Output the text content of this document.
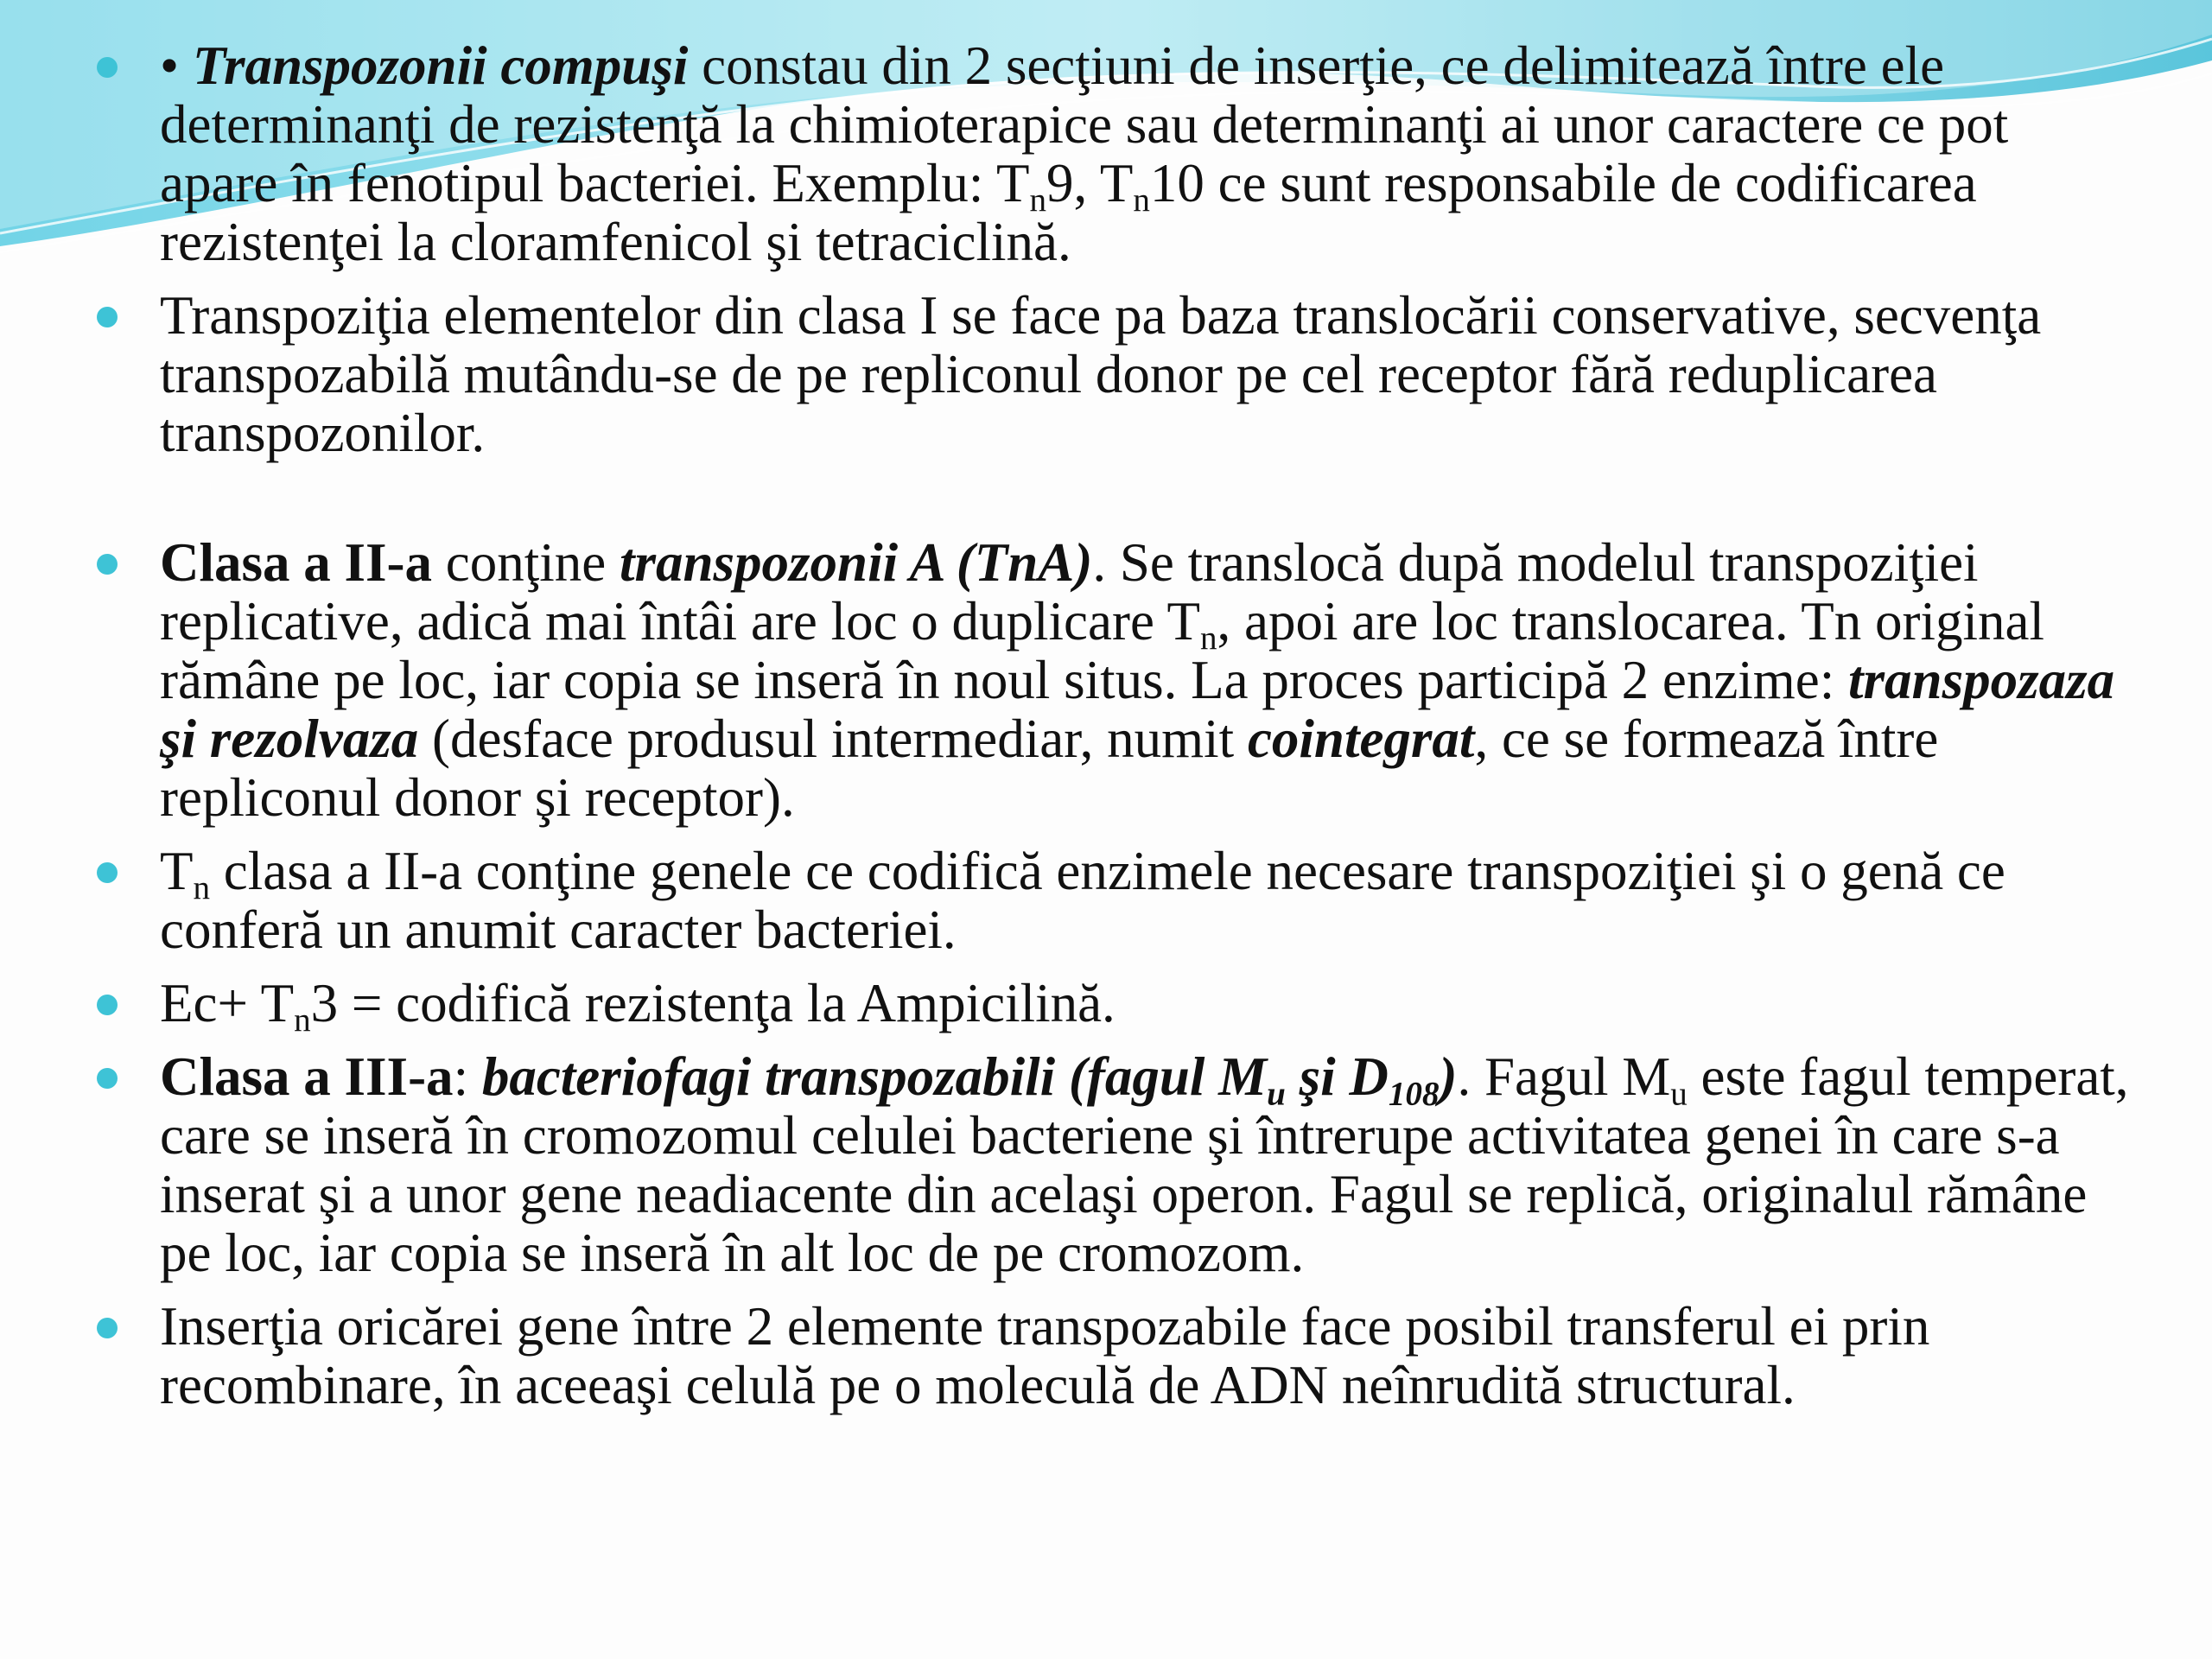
• Transpozonii compuşi constau din 2 secţiuni de inserţie, ce delimitează între ele determinanţi de rezistenţă la chimioterapice sau determinanţi ai unor caractere ce pot apare în fenotipul bacteriei. Exemplu: $T_n9$, $T_n10$ ce sunt responsabile de codificarea rezistenţei la cloramfenicol şi tetraciclină.
Transpoziţia elementelor din clasa I se face pa baza translocării conservative, secvenţa transpozabilă mutându-se de pe repliconul donor pe cel receptor fără reduplicarea transpozonilor.
Clasa a II-a conţine transpozonii A (TnA). Se translocă după modelul transpoziţiei replicative, adică mai întâi are loc o duplicare $T_n$, apoi are loc translocarea. Tn original rămâne pe loc, iar copia se inseră în noul situs. La proces participă 2 enzime: transpozaza şi rezolvaza (desface produsul intermediar, numit cointegrat, ce se formează între repliconul donor şi receptor).
$T_n$ clasa a II-a conţine genele ce codifică enzimele necesare transpoziţiei şi o genă ce conferă un anumit caracter bacteriei.
$Ec+ T_n3$ = codifică rezistenţa la Ampicilină.
Clasa a III-a: bacteriofagi transpozabili (fagul $M_u$ şi $D_{108}$). Fagul $M_u$ este fagul temperat, care se inseră în cromozomul celulei bacteriene şi întrerupe activitatea genei în care s-a inserat şi a unor gene neadiacente din acelaşi operon. Fagul se replică, originalul rămâne pe loc, iar copia se inseră în alt loc de pe cromozom.
Inserţia oricărei gene între 2 elemente transpozabile face posibil transferul ei prin recombinare, în aceeaşi celulă pe o moleculă de ADN neînrudită structural.
